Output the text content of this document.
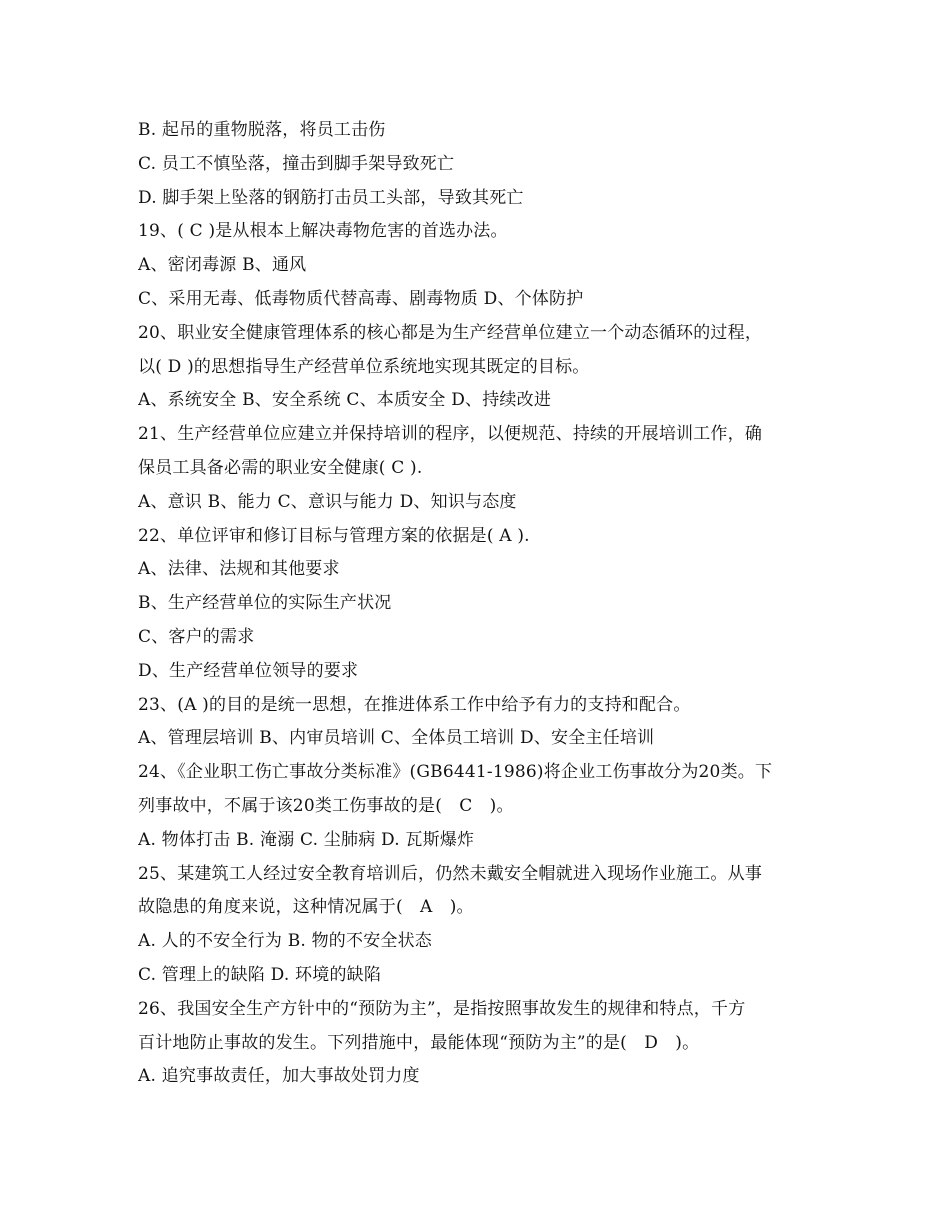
B. 起吊的重物脱落，将员工击伤
C. 员工不慎坠落，撞击到脚手架导致死亡
D. 脚手架上坠落的钢筋打击员工头部，导致其死亡
19、( C )是从根本上解决毒物危害的首选办法。
A、密闭毒源 B、通风
C、采用无毒、低毒物质代替高毒、剧毒物质 D、个体防护
20、职业安全健康管理体系的核心都是为生产经营单位建立一个动态循环的过程，
以( D )的思想指导生产经营单位系统地实现其既定的目标。
A、系统安全 B、安全系统 C、本质安全 D、持续改进
21、生产经营单位应建立并保持培训的程序，以便规范、持续的开展培训工作，确
保员工具备必需的职业安全健康( C ).
A、意识 B、能力 C、意识与能力 D、知识与态度
22、单位评审和修订目标与管理方案的依据是( A ).
A、法律、法规和其他要求
B、生产经营单位的实际生产状况
C、客户的需求
D、生产经营单位领导的要求
23、(A )的目的是统一思想，在推进体系工作中给予有力的支持和配合。
A、管理层培训 B、内审员培训 C、全体员工培训 D、安全主任培训
24、《企业职工伤亡事故分类标准》(GB6441-1986)将企业工伤事故分为20类。下
列事故中，不属于该20类工伤事故的是(　C　)。
A. 物体打击 B. 淹溺 C. 尘肺病 D. 瓦斯爆炸
25、某建筑工人经过安全教育培训后，仍然未戴安全帽就进入现场作业施工。从事
故隐患的角度来说，这种情况属于(　A　)。
A. 人的不安全行为 B. 物的不安全状态
C. 管理上的缺陷 D. 环境的缺陷
26、我国安全生产方针中的“预防为主”，是指按照事故发生的规律和特点，千方
百计地防止事故的发生。下列措施中，最能体现“预防为主”的是(　D　)。
A. 追究事故责任，加大事故处罚力度
